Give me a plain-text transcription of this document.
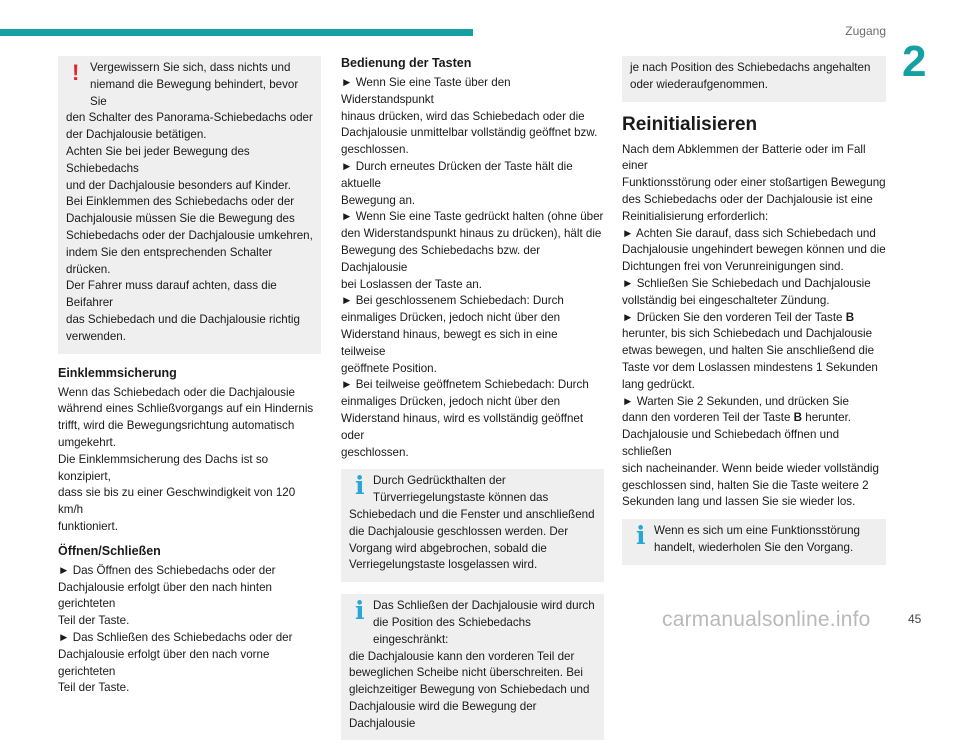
Zugang
2
! Vergewissern Sie sich, dass nichts und
niemand die Bewegung behindert, bevor Sie

den Schalter des Panorama-Schiebedachs oder
der Dachjalousie betätigen.
Achten Sie bei jeder Bewegung des Schiebedachs
und der Dachjalousie besonders auf Kinder.
Bei Einklemmen des Schiebedachs oder der
Dachjalousie müssen Sie die Bewegung des
Schiebedachs oder der Dachjalousie umkehren,
indem Sie den entsprechenden Schalter drücken.
Der Fahrer muss darauf achten, dass die Beifahrer
das Schiebedach und die Dachjalousie richtig
verwenden.

Einklemmsicherung

Wenn das Schiebedach oder die Dachjalousie
während eines Schließvorgangs auf ein Hindernis
trifft, wird die Bewegungsrichtung automatisch
umgekehrt.
Die Einklemmsicherung des Dachs ist so konzipiert,
dass sie bis zu einer Geschwindigkeit von 120 km/h
funktioniert.

Öffnen/Schließen

► Das Öffnen des Schiebedachs oder der
Dachjalousie erfolgt über den nach hinten gerichteten
Teil der Taste.
► Das Schließen des Schiebedachs oder der
Dachjalousie erfolgt über den nach vorne gerichteten
Teil der Taste.

Bedienung der Tasten

► Wenn Sie eine Taste über den Widerstandspunkt
hinaus drücken, wird das Schiebedach oder die
Dachjalousie unmittelbar vollständig geöffnet bzw.
geschlossen.
► Durch erneutes Drücken der Taste hält die aktuelle
Bewegung an.
► Wenn Sie eine Taste gedrückt halten (ohne über
den Widerstandspunkt hinaus zu drücken), hält die
Bewegung des Schiebedachs bzw. der Dachjalousie
bei Loslassen der Taste an.
► Bei geschlossenem Schiebedach: Durch
einmaliges Drücken, jedoch nicht über den
Widerstand hinaus, bewegt es sich in eine teilweise
geöffnete Position.
► Bei teilweise geöffnetem Schiebedach: Durch
einmaliges Drücken, jedoch nicht über den
Widerstand hinaus, wird es vollständig geöffnet oder
geschlossen.

i Durch Gedrückthalten der
Türverriegelungstaste können das

Schiebedach und die Fenster und anschließend
die Dachjalousie geschlossen werden. Der
Vorgang wird abgebrochen, sobald die
Verriegelungstaste losgelassen wird.

i Das Schließen der Dachjalousie wird durch
die Position des Schiebedachs eingeschränkt:

die Dachjalousie kann den vorderen Teil der
beweglichen Scheibe nicht überschreiten. Bei
gleichzeitiger Bewegung von Schiebedach und
Dachjalousie wird die Bewegung der Dachjalousie

je nach Position des Schiebedachs angehalten
oder wiederaufgenommen.

Reinitialisieren

Nach dem Abklemmen der Batterie oder im Fall einer
Funktionsstörung oder einer stoßartigen Bewegung
des Schiebedachs oder der Dachjalousie ist eine
Reinitialisierung erforderlich:
► Achten Sie darauf, dass sich Schiebedach und
Dachjalousie ungehindert bewegen können und die
Dichtungen frei von Verunreinigungen sind.
► Schließen Sie Schiebedach und Dachjalousie
vollständig bei eingeschalteter Zündung.
► Drücken Sie den vorderen Teil der Taste B
herunter, bis sich Schiebedach und Dachjalousie
etwas bewegen, und halten Sie anschließend die
Taste vor dem Loslassen mindestens 1 Sekunden
lang gedrückt.
► Warten Sie 2 Sekunden, und drücken Sie
dann den vorderen Teil der Taste B herunter.
Dachjalousie und Schiebedach öffnen und schließen
sich nacheinander. Wenn beide wieder vollständig
geschlossen sind, halten Sie die Taste weitere 2
Sekunden lang und lassen Sie sie wieder los.

i Wenn es sich um eine Funktionsstörung
handelt, wiederholen Sie den Vorgang.

carmanualsonline.info	45
